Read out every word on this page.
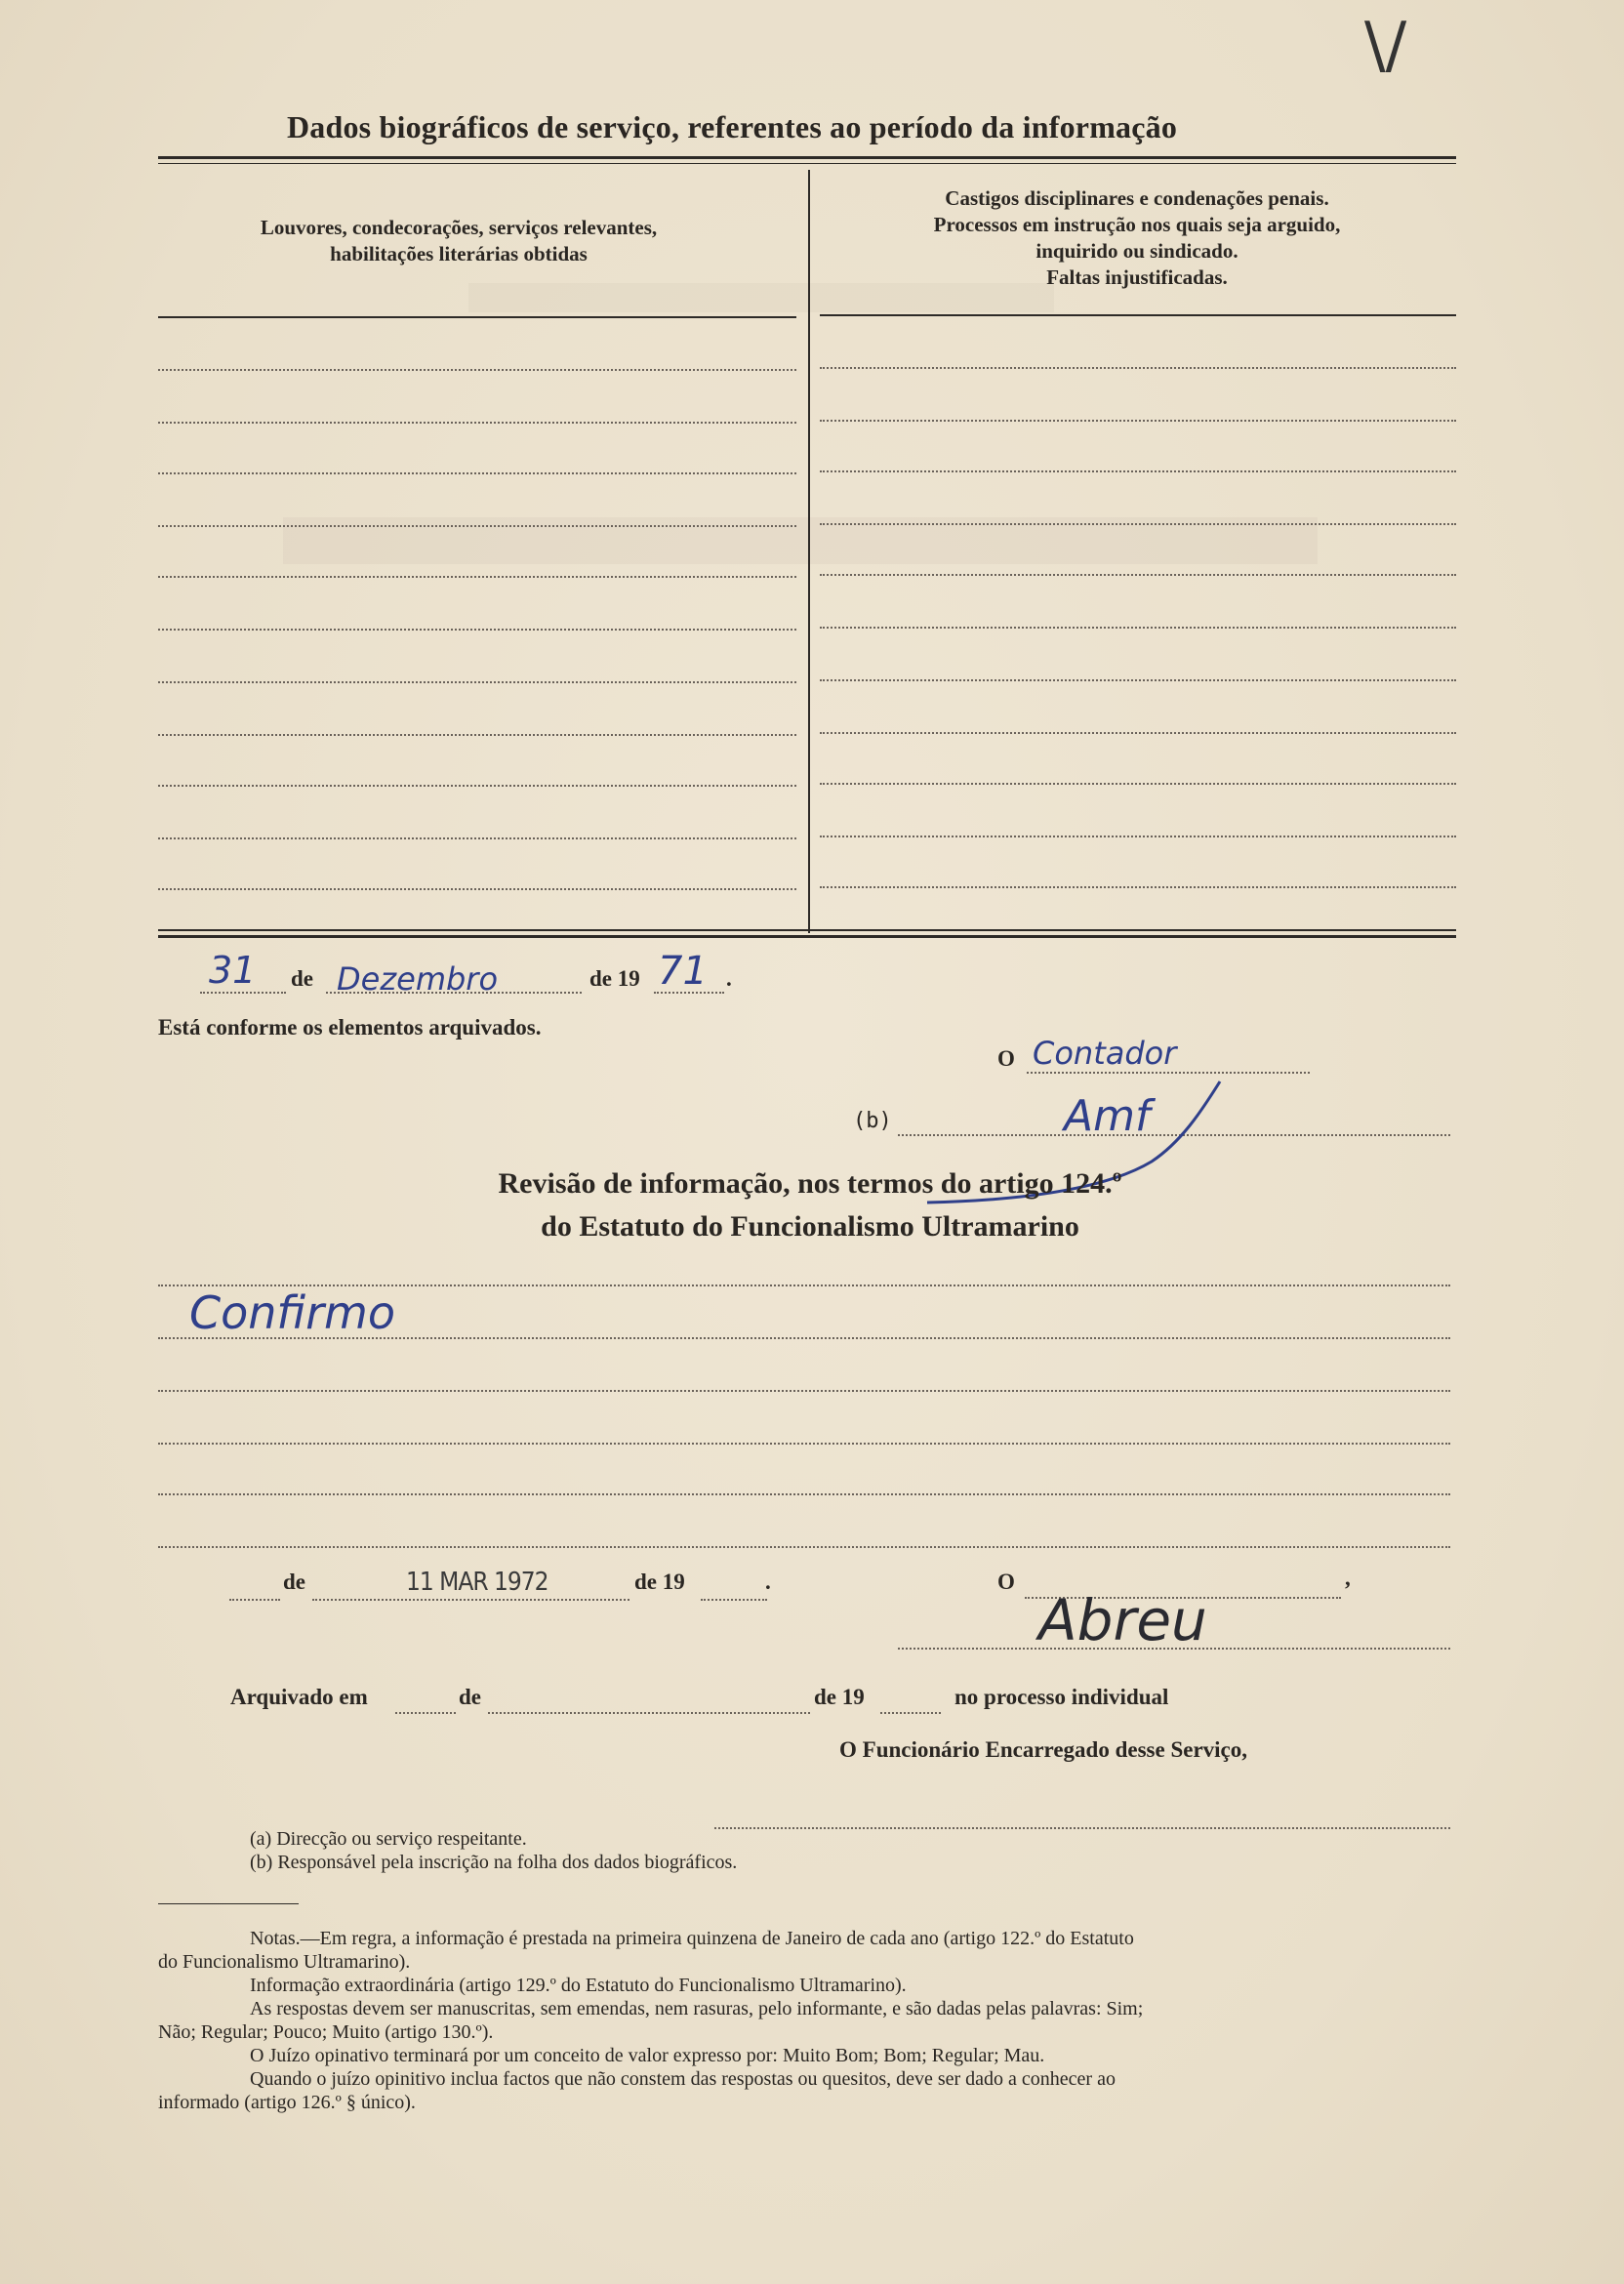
\/
Dados biográficos de serviço, referentes ao período da informação
Louvores, condecorações, serviços relevantes,
habilitações literárias obtidas
Castigos disciplinares e condenações penais.
Processos em instrução nos quais seja arguido,
inquirido ou sindicado.
Faltas injustificadas.
31 de Dezembro	de 19 71 .
Está conforme os elementos arquivados.
O Contador
(b)	Amf
Revisão de informação, nos termos do artigo 124.º
do Estatuto do Funcionalismo Ultramarino
Confirmo
de	11 MAR 1972	de 19	.	O	,
Abreu
Arquivado em	de	de 19	no processo individual
O Funcionário Encarregado desse Serviço,
(a) Direcção ou serviço respeitante.
(b) Responsável pela inscrição na folha dos dados biográficos.
Notas.—Em regra, a informação é prestada na primeira quinzena de Janeiro de cada ano (artigo 122.º do Estatuto
do Funcionalismo Ultramarino).
Informação extraordinária (artigo 129.º do Estatuto do Funcionalismo Ultramarino).
As respostas devem ser manuscritas, sem emendas, nem rasuras, pelo informante, e são dadas pelas palavras: Sim;
Não; Regular; Pouco; Muito (artigo 130.º).
O Juízo opinativo terminará por um conceito de valor expresso por: Muito Bom; Bom; Regular; Mau.
Quando o juízo opinitivo inclua factos que não constem das respostas ou quesitos, deve ser dado a conhecer ao
informado (artigo 126.º § único).
